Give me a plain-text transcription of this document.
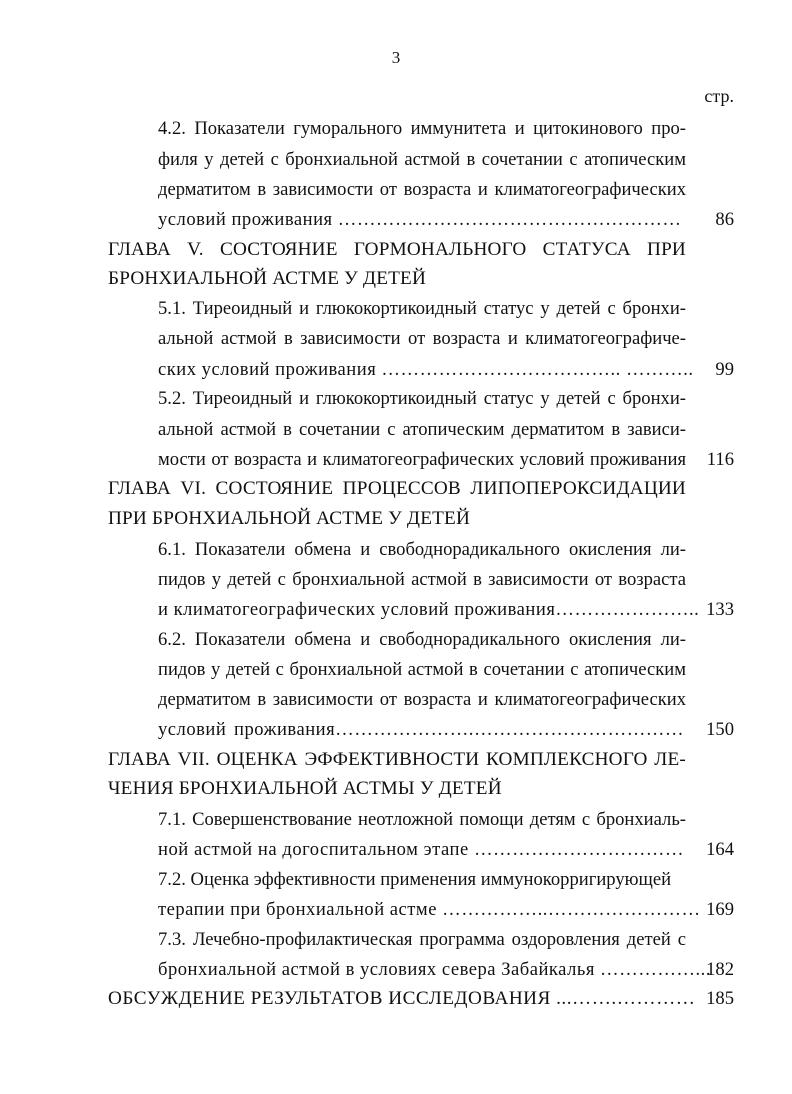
3
стр.
4.2. Показатели гуморального иммунитета и цитокинового про-
филя у детей с бронхиальной астмой в сочетании с атопическим
дерматитом в зависимости от возраста и климатогеографических
условий проживания ……………………………………………… 86
ГЛАВА V. СОСТОЯНИЕ ГОРМОНАЛЬНОГО СТАТУСА ПРИ
БРОНХИАЛЬНОЙ АСТМЕ У ДЕТЕЙ
5.1. Тиреоидный и глюкокортикоидный статус у детей с бронхи-
альной астмой в зависимости от возраста и климатогеографиче-
ских условий проживания ……………………………….. ……….. 99
5.2. Тиреоидный и глюкокортикоидный статус у детей с бронхи-
альной астмой в сочетании с атопическим дерматитом в зависи-
мости от возраста и климатогеографических условий проживания 116
ГЛАВА VI. СОСТОЯНИЕ ПРОЦЕССОВ ЛИПОПЕРОКСИДАЦИИ
ПРИ БРОНХИАЛЬНОЙ АСТМЕ У ДЕТЕЙ
6.1. Показатели обмена и свободнорадикального окисления ли-
пидов у детей с бронхиальной астмой в зависимости от возраста
и климатогеографических условий проживания………………….. 133
6.2. Показатели обмена и свободнорадикального окисления ли-
пидов у детей с бронхиальной астмой в сочетании с атопическим
дерматитом в зависимости от возраста и климатогеографических
условий проживания………………….…………………………… 150
ГЛАВА VII. ОЦЕНКА ЭФФЕКТИВНОСТИ КОМПЛЕКСНОГО ЛЕ-
ЧЕНИЯ БРОНХИАЛЬНОЙ АСТМЫ У ДЕТЕЙ
7.1. Совершенствование неотложной помощи детям с бронхиаль-
ной астмой на догоспитальном этапе …………………………… 164
7.2. Оценка эффективности применения иммунокорригирующей
терапии при бронхиальной астме ……………..…………………… 169
7.3. Лечебно-профилактическая программа оздоровления детей с
бронхиальной астмой в условиях севера Забайкалья ……………...
182
ОБСУЖДЕНИЕ РЕЗУЛЬТАТОВ ИССЛЕДОВАНИЯ ...…….………… 185
